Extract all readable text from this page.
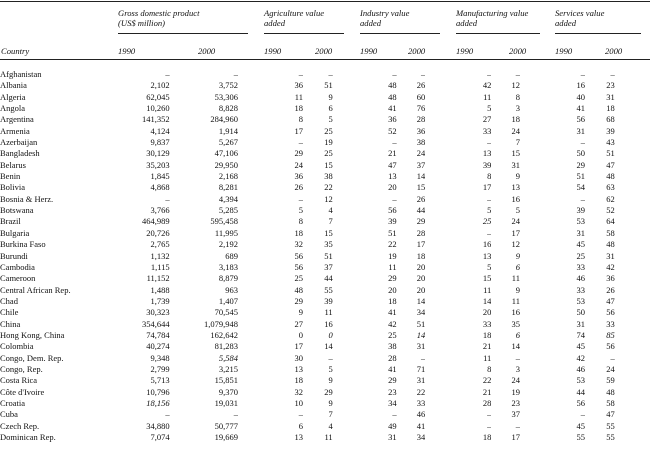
Gross domestic product
(US$ million)
Agriculture value
added
Industry value
added
Manufacturing value
added
Services value
added
Country	1990	2000	1990	2000	1990	2000	1990	2000	1990	2000
Afghanistan	–	–	–	–	–	–	–	–	–	–	
Albania	2,102	3,752	36	51	48	26	42	12	16	23	
Algeria	62,045	53,306	11	9	48	60	11	8	40	31	
Angola	10,260	8,828	18	6	41	76	5	3	41	18	
Argentina	141,352	284,960	8	5	36	28	27	18	56	68	
Armenia	4,124	1,914	17	25	52	36	33	24	31	39	
Azerbaijan	9,837	5,267	–	19	–	38	–	7	–	43	
Bangladesh	30,129	47,106	29	25	21	24	13	15	50	51	
Belarus	35,203	29,950	24	15	47	37	39	31	29	47	
Benin	1,845	2,168	36	38	13	14	8	9	51	48	
Bolivia	4,868	8,281	26	22	20	15	17	13	54	63	
Bosnia & Herz.	–	4,394	–	12	–	26	–	16	–	62	
Botswana	3,766	5,285	5	4	56	44	5	5	39	52	
Brazil	464,989	595,458	8	7	39	29	25	24	53	64	
Bulgaria	20,726	11,995	18	15	51	28	–	17	31	58	
Burkina Faso	2,765	2,192	32	35	22	17	16	12	45	48	
Burundi	1,132	689	56	51	19	18	13	9	25	31	
Cambodia	1,115	3,183	56	37	11	20	5	6	33	42	
Cameroon	11,152	8,879	25	44	29	20	15	11	46	36	
Central African Rep.	1,488	963	48	55	20	20	11	9	33	26	
Chad	1,739	1,407	29	39	18	14	14	11	53	47	
Chile	30,323	70,545	9	11	41	34	20	16	50	56	
China	354,644	1,079,948	27	16	42	51	33	35	31	33	
Hong Kong, China	74,784	162,642	0	0	25	14	18	6	74	85	
Colombia	40,274	81,283	17	14	38	31	21	14	45	56	
Congo, Dem. Rep.	9,348	5,584	30	–	28	–	11	–	42	–	
Congo, Rep.	2,799	3,215	13	5	41	71	8	3	46	24	
Costa Rica	5,713	15,851	18	9	29	31	22	24	53	59	
Côte d'Ivoire	10,796	9,370	32	29	23	22	21	19	44	48	
Croatia	18,156	19,031	10	9	34	33	28	23	56	58	
Cuba	–	–	–	7	–	46	–	37	–	47	
Czech Rep.	34,880	50,777	6	4	49	41	–	–	45	55	
Dominican Rep.	7,074	19,669	13	11	31	34	18	17	55	55	
